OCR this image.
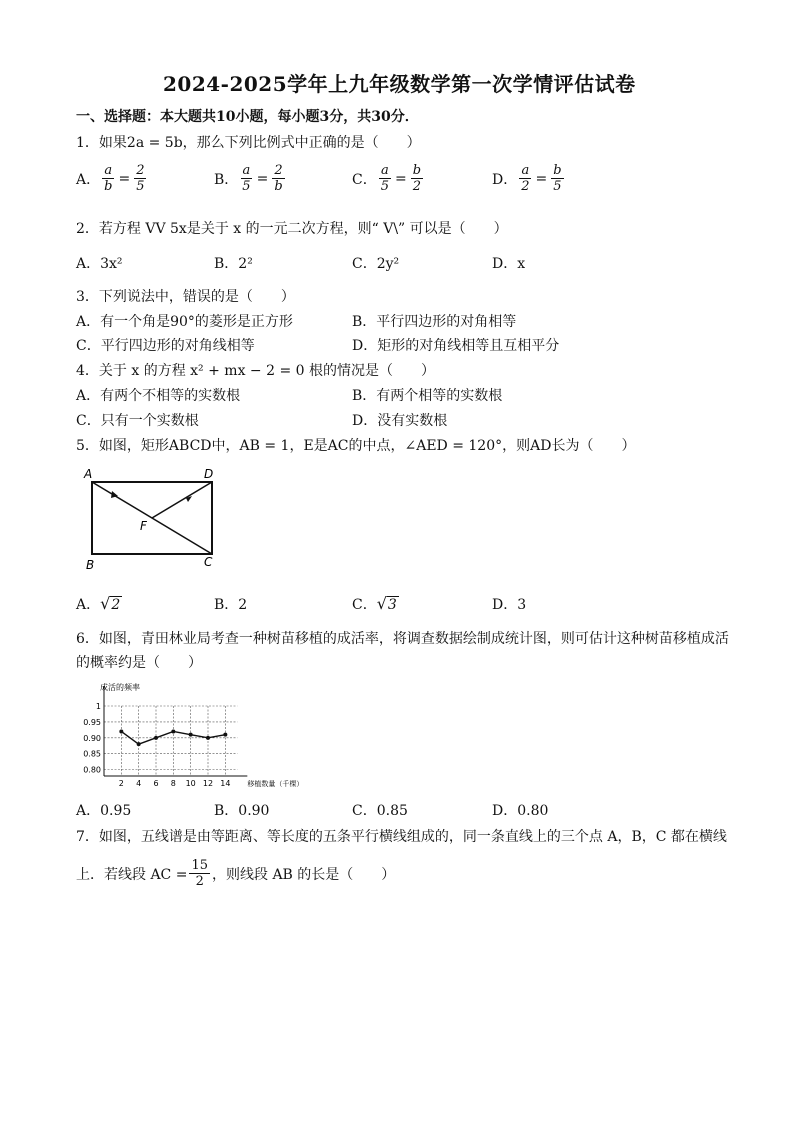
2024-2025学年上九年级数学第一次学情评估试卷
一、选择题：本大题共10小题，每小题3分，共30分．
1．如果2a = 5b，那么下列比例式中正确的是（　　）
A． $\frac{a}{b} = \frac{2}{5}$	B． $\frac{a}{5} = \frac{2}{b}$	C． $\frac{a}{5} = \frac{b}{2}$	D． $\frac{a}{2} = \frac{b}{5}$
2．若方程 VV 5x是关于 x 的一元二次方程，则“ V\” 可以是（　　）
A．3x²	B．2²	C．2y²	D．x
3．下列说法中，错误的是（　　）
A．有一个角是90°的菱形是正方形	B．平行四边形的对角相等
C．平行四边形的对角线相等	D．矩形的对角线相等且互相平分
4．关于 x 的方程 x² + mx − 2 = 0 根的情况是（　　）
A．有两个不相等的实数根	B．有两个相等的实数根
C．只有一个实数根	D．没有实数根
5．如图，矩形ABCD中，AB = 1，E是AC的中点，∠AED = 120°，则AD长为（　　）
A	D
B	C
F
A．√2	B．2	C．√3	D．3
6．如图，青田林业局考查一种树苗移植的成活率，将调查数据绘制成统计图，则可估计这种树苗移植成活
的概率约是（　　）
成活的频率
1
0.95
0.90
0.85
0.80
2 4 6 8 10 12 14 移植数量（千棵）
A．0.95	B．0.90	C．0.85	D．0.80
7．如图，五线谱是由等距离、等长度的五条平行横线组成的，同一条直线上的三个点 A，B，C 都在横线
上．若线段 AC = $\frac{15}{2}$ ，则线段 AB 的长是（　　）
